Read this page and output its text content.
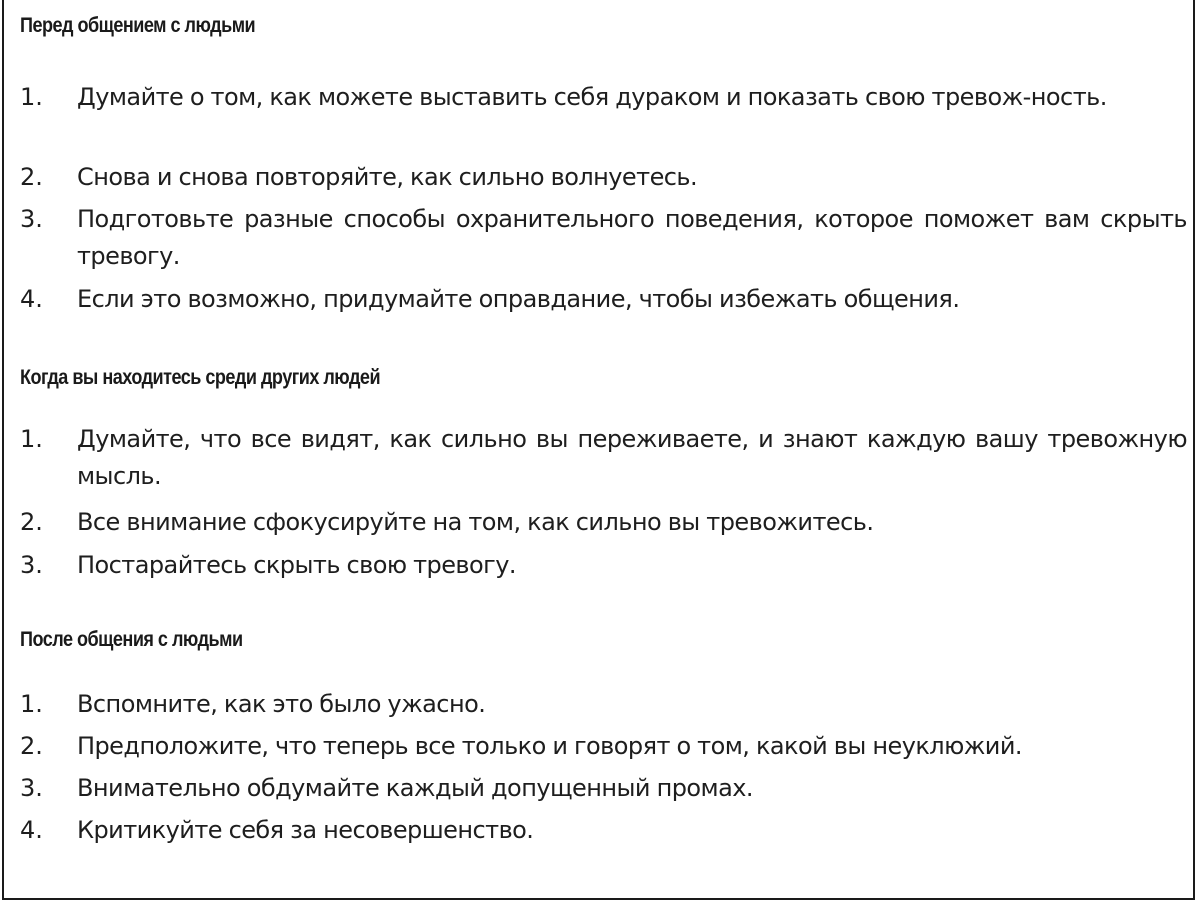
Перед общением с людьми
1.	Думайте о том, как можете выставить себя дураком и показать свою тревож-ность.
2.	Снова и снова повторяйте, как сильно волнуетесь.
3.	Подготовьте разные способы охранительного поведения, которое поможет вам скрыть тревогу.
4.	Если это возможно, придумайте оправдание, чтобы избежать общения.
Когда вы находитесь среди других людей
1.	Думайте, что все видят, как сильно вы переживаете, и знают каждую вашу тревожную мысль.
2.	Все внимание сфокусируйте на том, как сильно вы тревожитесь.
3.	Постарайтесь скрыть свою тревогу.
После общения с людьми
1.	Вспомните, как это было ужасно.
2.	Предположите, что теперь все только и говорят о том, какой вы неуклюжий.
3.	Внимательно обдумайте каждый допущенный промах.
4.	Критикуйте себя за несовершенство.
